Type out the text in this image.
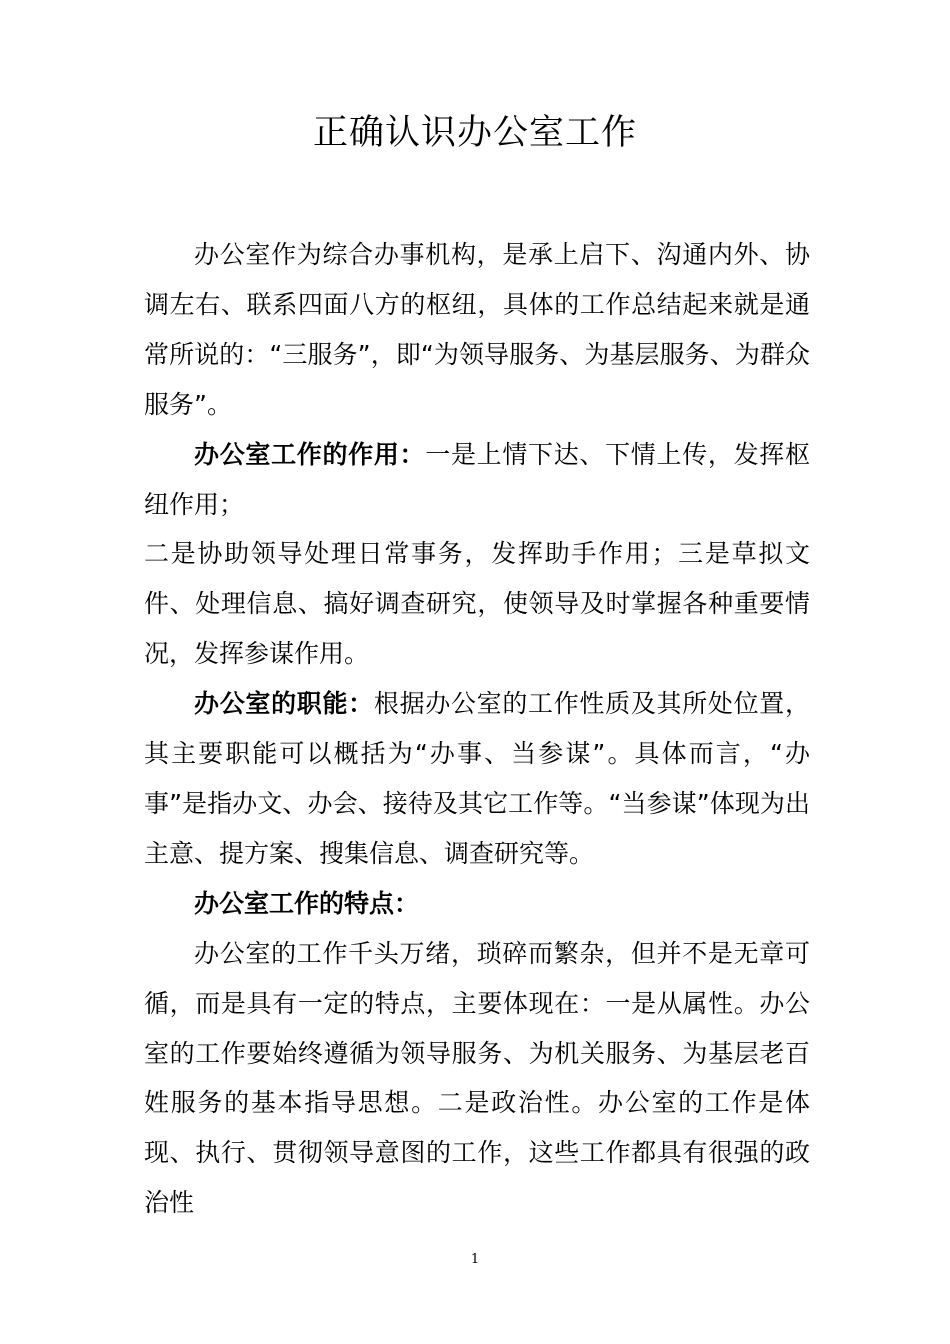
正确认识办公室工作

办公室作为综合办事机构，是承上启下、沟通内外、协调左右、联系四面八方的枢纽，具体的工作总结起来就是通常所说的：“三服务”，即“为领导服务、为基层服务、为群众服务”。

办公室工作的作用：一是上情下达、下情上传，发挥枢纽作用；

二是协助领导处理日常事务，发挥助手作用；三是草拟文件、处理信息、搞好调查研究，使领导及时掌握各种重要情况，发挥参谋作用。

办公室的职能：根据办公室的工作性质及其所处位置，其主要职能可以概括为“办事、当参谋”。具体而言，“办事”是指办文、办会、接待及其它工作等。“当参谋”体现为出主意、提方案、搜集信息、调查研究等。

办公室工作的特点：

办公室的工作千头万绪，琐碎而繁杂，但并不是无章可循，而是具有一定的特点，主要体现在：一是从属性。办公室的工作要始终遵循为领导服务、为机关服务、为基层老百姓服务的基本指导思想。二是政治性。办公室的工作是体现、执行、贯彻领导意图的工作，这些工作都具有很强的政治性

1
